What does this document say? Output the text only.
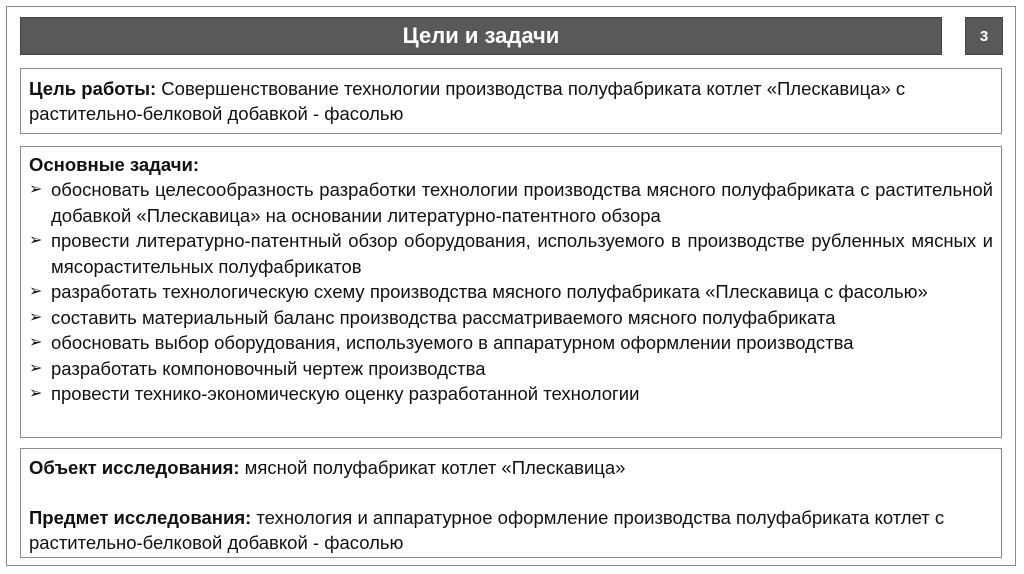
Цели и задачи	3
Цель работы: Совершенствование технологии производства полуфабриката котлет «Плескавица» с растительно-белковой добавкой - фасолью
Основные задачи:
➢ обосновать целесообразность разработки технологии производства мясного полуфабриката с растительной добавкой «Плескавица» на основании литературно-патентного обзора
➢ провести литературно-патентный обзор оборудования, используемого в производстве рубленных мясных и мясорастительных полуфабрикатов
➢ разработать технологическую схему производства мясного полуфабриката «Плескавица с фасолью»
➢ составить материальный баланс производства рассматриваемого мясного полуфабриката
➢ обосновать выбор оборудования, используемого в аппаратурном оформлении производства
➢ разработать компоновочный чертеж производства
➢ провести технико-экономическую оценку разработанной технологии
Объект исследования: мясной полуфабрикат котлет «Плескавица»
Предмет исследования: технология и аппаратурное оформление производства полуфабриката котлет с растительно-белковой добавкой - фасолью
